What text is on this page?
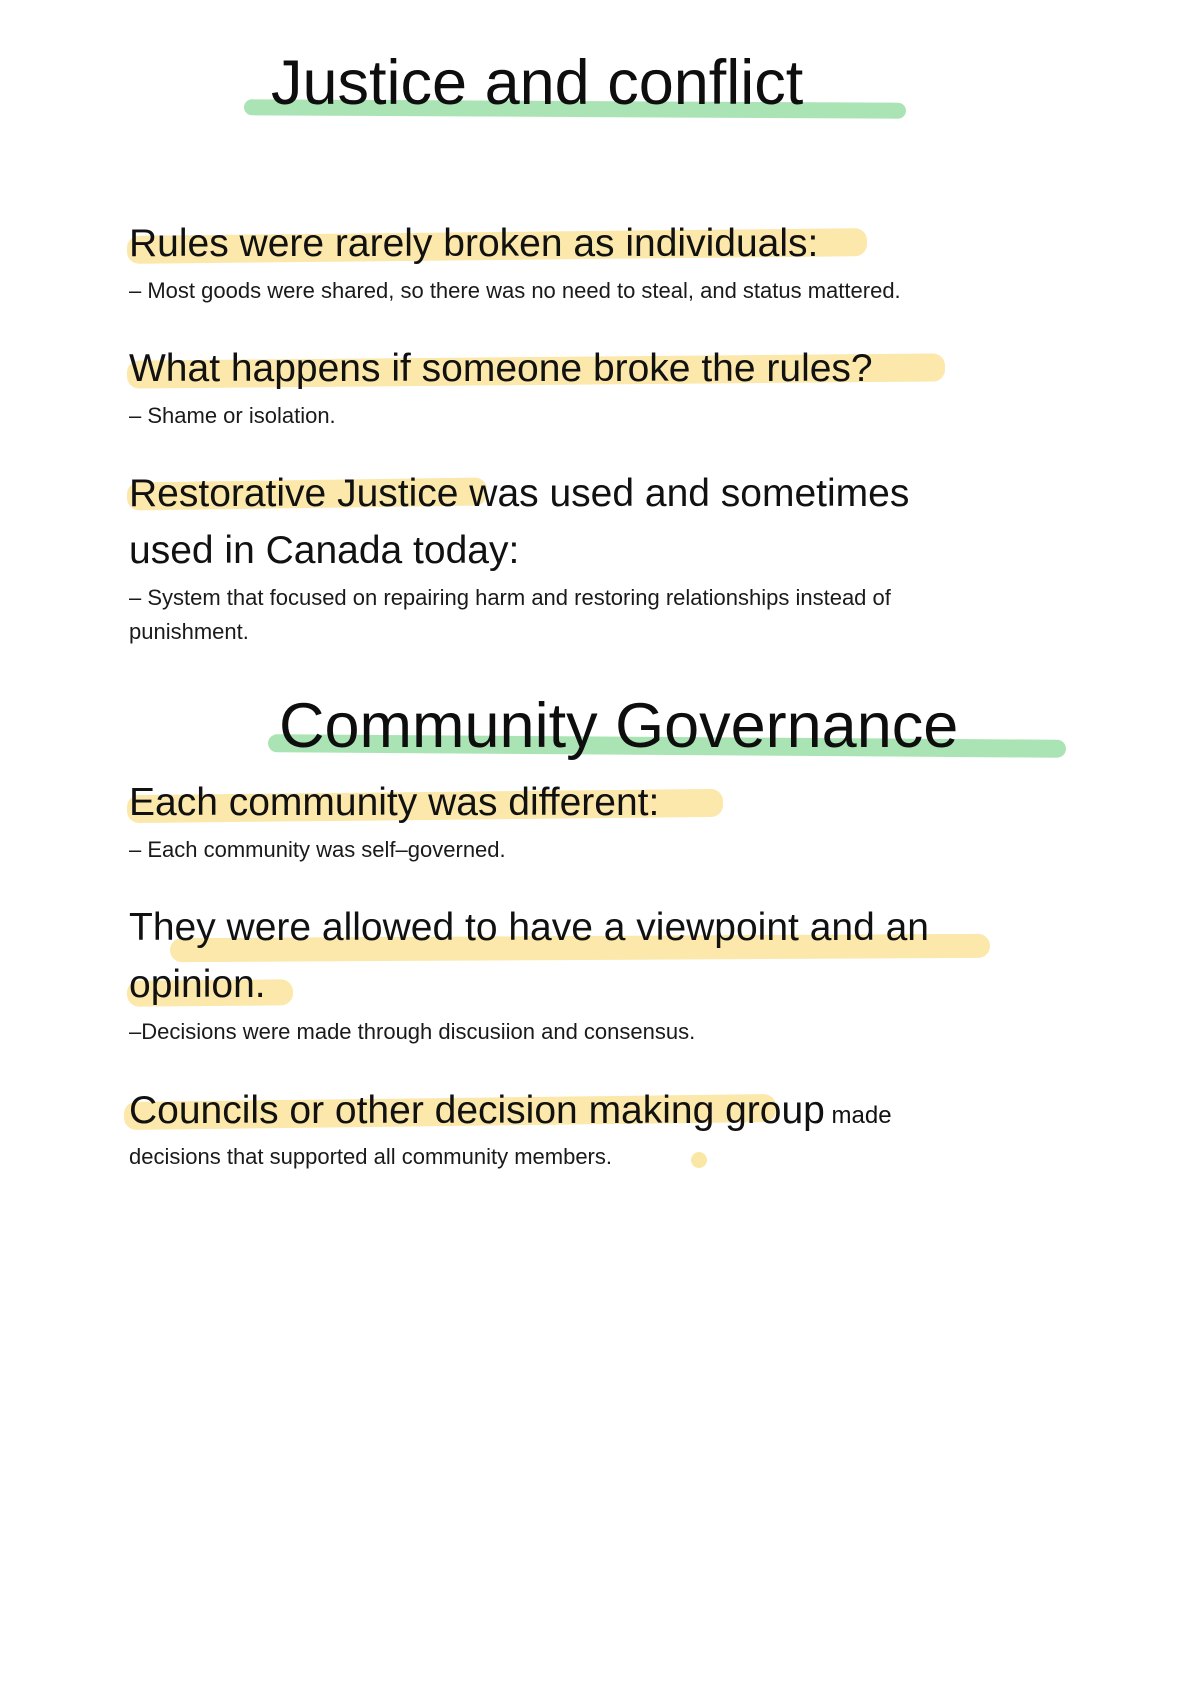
Justice and conflict
Rules were rarely broken as individuals:

– Most goods were shared, so there was no need to steal, and status mattered.

What happens if someone broke the rules?

– Shame or isolation.

Restorative Justice was used and sometimes
used in Canada today:

– System that focused on repairing harm and restoring relationships instead of

punishment.

Community Governance
Each community was different:

– Each community was self–governed.

They were allowed to have a viewpoint and an
opinion.

–Decisions were made through discusiion and consensus.

Councils or other decision making group made

decisions that supported all community members.
